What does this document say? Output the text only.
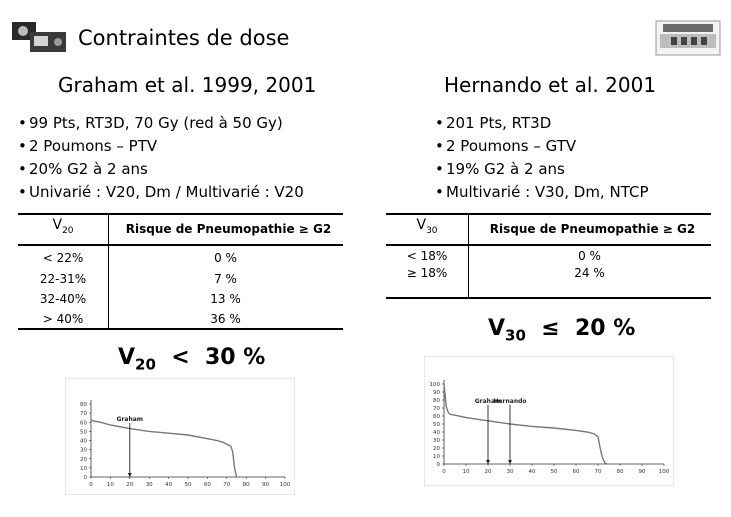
Contraintes de dose
Graham et al. 1999, 2001
• 99 Pts, RT3D, 70 Gy (red à 50 Gy)
• 2 Poumons – PTV
• 20% G2 à 2 ans
• Univarié : V20, Dm / Multivarié : V20
$V_{20}$	Risque de Pneumopathie ≥ G2
< 22%	0 %
22-31%	7 %
32-40%	13 %
> 40%	36 %
$V_{20} < 30$ %
0	10 20 30 40 50 60 70 80 90 100
0
10
20
30
40
50
60
70
80
Graham
Hernando et al. 2001
• 201 Pts, RT3D
• 2 Poumons – GTV
• 19% G2 à 2 ans
• Multivarié : V30, Dm, NTCP
$V_{30}$	Risque de Pneumopathie ≥ G2
< 18%	0 %
≥ 18%	24 %
$V_{30} \le 20$ %
0	10	20	30	40	50	60	70	80	90 100
0
10
20
30
40
50
60
70
80
90
100
Graham
Hernando
